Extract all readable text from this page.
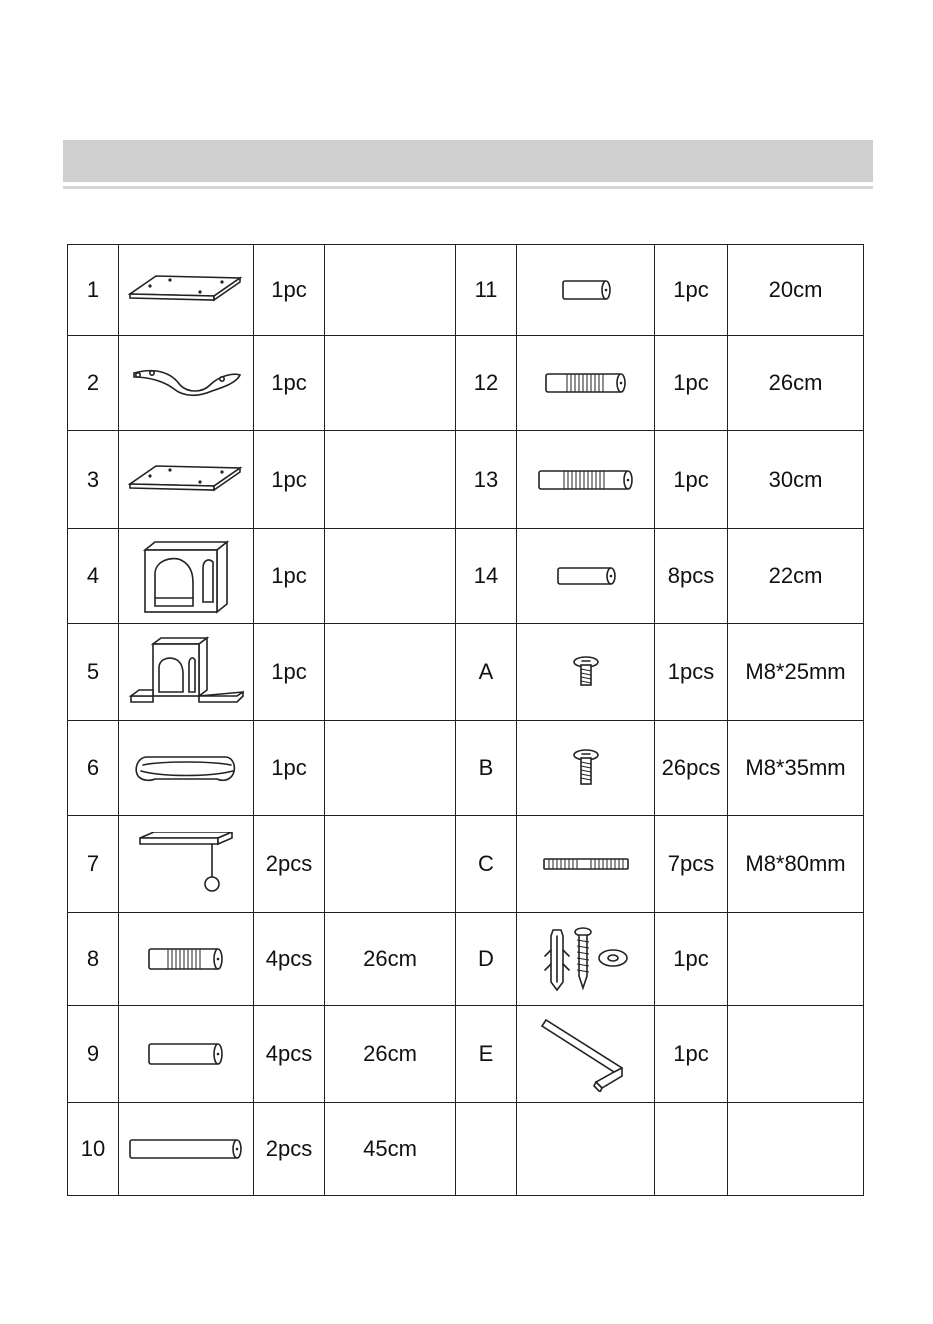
1		1pc		11		1pc	20cm
2		1pc		12		1pc	26cm
3		1pc		13		1pc	30cm
4		1pc		14		8pcs	22cm
5		1pc		A		1pcs	M8*25mm
6		1pc		B		26pcs	M8*35mm
7		2pcs		C		7pcs	M8*80mm
8		4pcs	26cm	D		1pc	
9		4pcs	26cm	E		1pc	
10		2pcs	45cm				
